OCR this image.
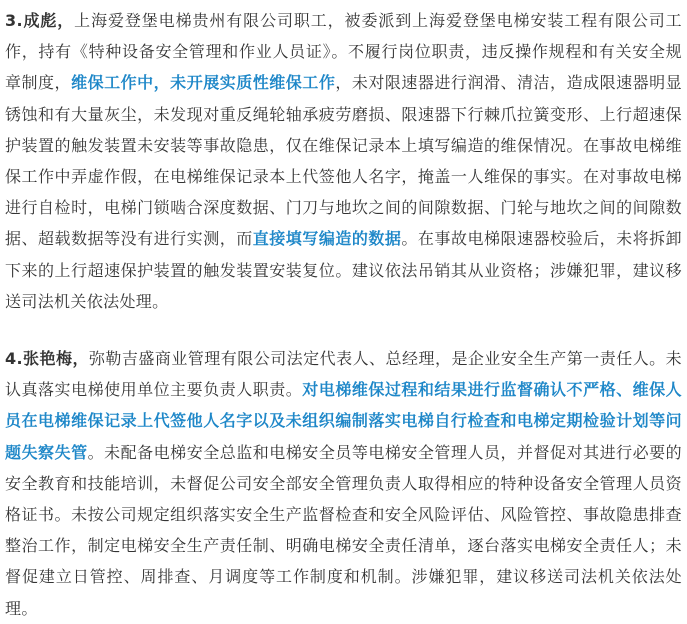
3.成彪，上海爱登堡电梯贵州有限公司职工，被委派到上海爱登堡电梯安装工程有限公司工作，持有《特种设备安全管理和作业人员证》。不履行岗位职责，违反操作规程和有关安全规章制度，维保工作中，未开展实质性维保工作，未对限速器进行润滑、清洁，造成限速器明显锈蚀和有大量灰尘，未发现对重反绳轮轴承疲劳磨损、限速器下行棘爪拉簧变形、上行超速保护装置的触发装置未安装等事故隐患，仅在维保记录本上填写编造的维保情况。在事故电梯维保工作中弄虚作假，在电梯维保记录本上代签他人名字，掩盖一人维保的事实。在对事故电梯进行自检时，电梯门锁啮合深度数据、门刀与地坎之间的间隙数据、门轮与地坎之间的间隙数据、超载数据等没有进行实测，而直接填写编造的数据。在事故电梯限速器校验后，未将拆卸下来的上行超速保护装置的触发装置安装复位。建议依法吊销其从业资格；涉嫌犯罪，建议移送司法机关依法处理。

4.张艳梅，弥勒吉盛商业管理有限公司法定代表人、总经理，是企业安全生产第一责任人。未认真落实电梯使用单位主要负责人职责。对电梯维保过程和结果进行监督确认不严格、维保人员在电梯维保记录上代签他人名字以及未组织编制落实电梯自行检查和电梯定期检验计划等问题失察失管。未配备电梯安全总监和电梯安全员等电梯安全管理人员，并督促对其进行必要的安全教育和技能培训，未督促公司安全部安全管理负责人取得相应的特种设备安全管理人员资格证书。未按公司规定组织落实安全生产监督检查和安全风险评估、风险管控、事故隐患排查整治工作，制定电梯安全生产责任制、明确电梯安全责任清单，逐台落实电梯安全责任人；未督促建立日管控、周排查、月调度等工作制度和机制。涉嫌犯罪，建议移送司法机关依法处理。
